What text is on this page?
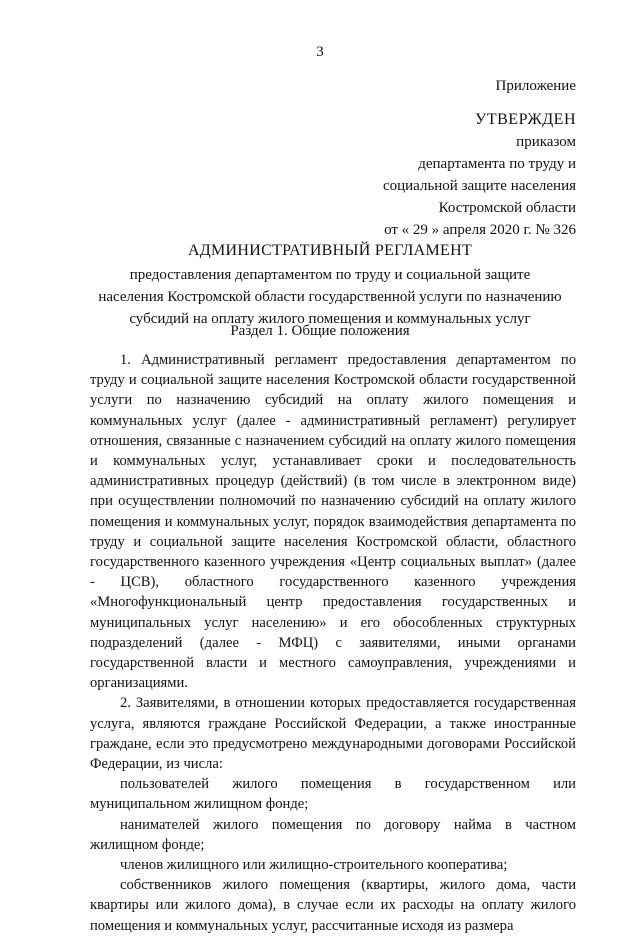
3
Приложение
УТВЕРЖДЕН
приказом
департамента по труду и
социальной защите населения
Костромской области
от « 29 » апреля 2020 г. № 326
АДМИНИСТРАТИВНЫЙ РЕГЛАМЕНТ
предоставления департаментом по труду и социальной защите
населения Костромской области государственной услуги по назначению
субсидий на оплату жилого помещения и коммунальных услуг
Раздел 1. Общие положения

1. Административный регламент предоставления департаментом по труду и социальной защите населения Костромской области государственной услуги по назначению субсидий на оплату жилого помещения и коммунальных услуг (далее - административный регламент) регулирует отношения, связанные с назначением субсидий на оплату жилого помещения и коммунальных услуг, устанавливает сроки и последовательность административных процедур (действий) (в том числе в электронном виде) при осуществлении полномочий по назначению субсидий на оплату жилого помещения и коммунальных услуг, порядок взаимодействия департамента по труду и социальной защите населения Костромской области, областного государственного казенного учреждения «Центр социальных выплат» (далее - ЦСВ), областного государственного казенного учреждения «Многофункциональный центр предоставления государственных и муниципальных услуг населению» и его обособленных структурных подразделений (далее - МФЦ) с заявителями, иными органами государственной власти и местного самоуправления, учреждениями и организациями.

2. Заявителями, в отношении которых предоставляется государственная услуга, являются граждане Российской Федерации, а также иностранные граждане, если это предусмотрено международными договорами Российской Федерации, из числа:

пользователей жилого помещения в государственном или муниципальном жилищном фонде;

нанимателей жилого помещения по договору найма в частном жилищном фонде;

членов жилищного или жилищно-строительного кооператива;

собственников жилого помещения (квартиры, жилого дома, части квартиры или жилого дома), в случае если их расходы на оплату жилого помещения и коммунальных услуг, рассчитанные исходя из размера
